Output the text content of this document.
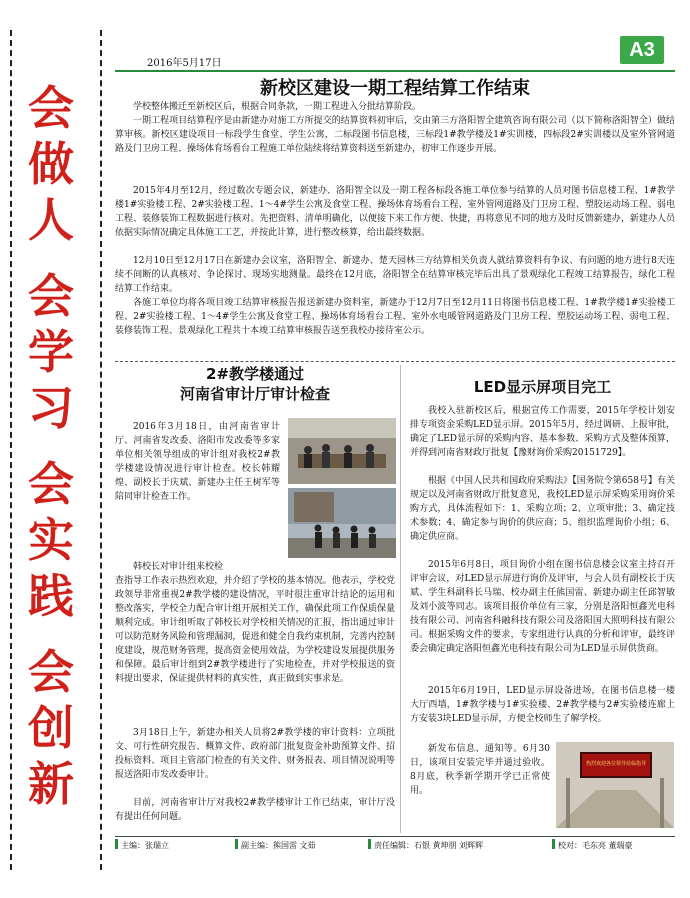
会
做
人
会
学
习
会
实
践
会
创
新
2016年5月17日
A3
新校区建设一期工程结算工作结束

学校整体搬迁至新校区后，根据合同条款，一期工程进入分批结算阶段。

一期工程项目结算程序是由新建办对施工方所提交的结算资料初审后，交由第三方洛阳智全建筑咨询有限公司（以下简称洛阳智全）做结算审核。新校区建设项目一标段学生食堂、学生公寓，二标段图书信息楼，三标段1#教学楼及1#实训楼，四标段2#实训楼以及室外管网道路及门卫房工程、操场体育场看台工程施工单位陆续将结算资料送至新建办，初审工作逐步开展。

2015年4月至12月，经过数次专题会议，新建办、洛阳智全以及一期工程各标段各施工单位参与结算的人员对图书信息楼工程、1#教学楼1#实验楼工程、2#实验楼工程、1～4#学生公寓及食堂工程、操场体育场看台工程、室外管网道路及门卫房工程、塑胶运动场工程、弱电工程、装修装饰工程数据进行核对。先把资料、清单明确化，以便接下来工作方便、快捷，再将意见不同的地方及时反馈新建办，新建办人员依据实际情况确定具体施工工艺，并按此计算，进行整改核算，给出最终数据。

12月10日至12月17日在新建办会议室，洛阳智全、新建办、楚天园林三方结算相关负责人就结算资料有争议、有问题的地方进行8天连续不间断的认真核对、争论探讨、现场实地测量。最终在12月底，洛阳智全在结算审核完毕后出具了景观绿化工程竣工结算报告，绿化工程结算工作结束。

各施工单位均将各项目竣工结算审核报告报送新建办资料室，新建办于12月7日至12月11日将图书信息楼工程、1#教学楼1#实验楼工程、2#实验楼工程、1～4#学生公寓及食堂工程、操场体育场看台工程、室外水电暖管网道路及门卫房工程、塑胶运动场工程、弱电工程、装修装饰工程、景观绿化工程共十本竣工结算审核报告送至我校办接待室公示。

2#教学楼通过
河南省审计厅审计检查

2016年3月18日，由河南省审计厅、河南省发改委、洛阳市发改委等多家单位相关领导组成的审计组对我校2#教学楼建设情况进行审计检查。校长韩耀煌、副校长于庆斌、新建办主任王树军等陪同审计检查工作。

韩校长对审计组来校检

查指导工作表示热烈欢迎，并介绍了学校的基本情况。他表示，学校党政领导非常重视2#教学楼的建设情况，平时很注重审计结论的运用和整改落实，学校全力配合审计组开展相关工作，确保此项工作保质保量顺利完成。审计组听取了韩校长对学校相关情况的汇报，指出通过审计可以防范财务风险和管理漏洞，促进和健全自我约束机制，完善内控制度建设，规范财务管理，提高资金使用效益，为学校建设发展提供服务和保障。最后审计组到2#教学楼进行了实地检查，并对学校报送的资料提出要求，保证提供材料的真实性，真正做到实事求是。

3月18日上午，新建办相关人员将2#教学楼的审计资料：立项批文、可行性研究报告、概算文件、政府部门批复资金补助预算文件、招投标资料、项目主管部门检查的有关文件、财务报表、项目情况说明等报送洛阳市发改委审计。

目前，河南省审计厅对我校2#教学楼审计工作已结束，审计厅没有提出任何问题。

LED显示屏项目完工

我校入驻新校区后，根据宣传工作需要，2015年学校计划安排专项资金采购LED显示屏。2015年5月，经过调研、上报审批，确定了LED显示屏的采购内容、基本参数、采购方式及整体预算，并得到河南省财政厅批复【豫财询价采购20151729】。

根据《中国人民共和国政府采购法》【国务院令第658号】有关规定以及河南省财政厅批复意见，我校LED显示屏采购采用询价采购方式，具体流程如下：1、采购立项；2、立项审批；3、确定技术参数；4、确定参与询价的供应商；5、组织监理询价小组；6、确定供应商。

2015年6月8日，项目询价小组在图书信息楼会议室主持召开评审会议，对LED显示屏进行询价及评审，与会人员有副校长于庆斌、学生科副科长马瑞、校办副主任熊国雷、新建办副主任邱智敏及刘小波等同志。该项目报价单位有三家，分别是洛阳恒鑫光电科技有限公司、河南省科融科技有限公司及洛阳国大照明科技有限公司。根据采购文件的要求，专家组进行认真的分析和评审，最终评委会确定确定洛阳恒鑫光电科技有限公司为LED显示屏供货商。

2015年6月19日，LED显示屏设备进场，在图书信息楼一楼大厅西墙，1#教学楼与1#实验楼、2#教学楼与2#实验楼连廊上方安装3块LED显示屏，方便全校师生了解学校。

新发布信息、通知等。6月30日，该项目安装完毕并通过验收。8月底，秋季新学期开学已正常使用。

热烈欢迎各位领导莅临指导
主编：张瑞立	副主编：熊国雷 文茹	责任编辑：石银 黄坤朋 刘辉辉	校对：毛东亮 董瑞豪
